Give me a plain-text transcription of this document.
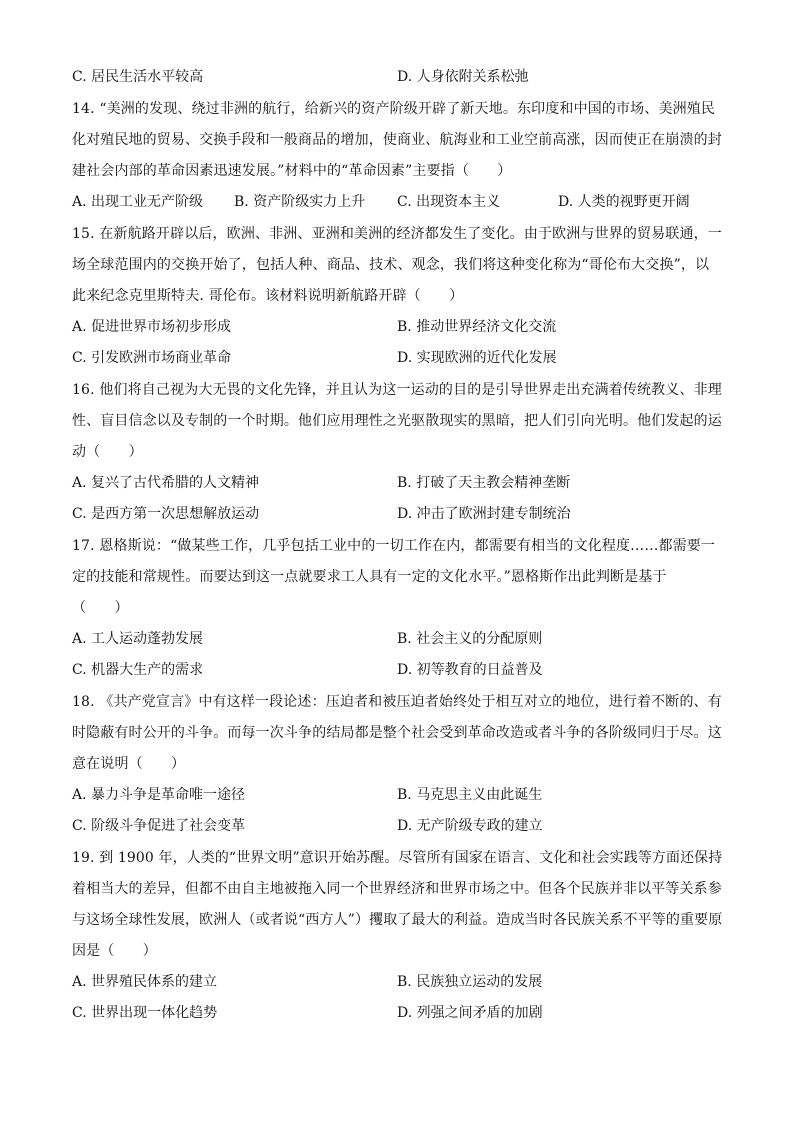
C. 居民生活水平较高	D. 人身依附关系松弛
14. “美洲的发现、绕过非洲的航行，给新兴的资产阶级开辟了新天地。东印度和中国的市场、美洲殖民
化对殖民地的贸易、交换手段和一般商品的增加，使商业、航海业和工业空前高涨，因而使正在崩溃的封
建社会内部的革命因素迅速发展。”材料中的“革命因素”主要指（　　）
A. 出现工业无产阶级 B. 资产阶级实力上升 C. 出现资本主义	D. 人类的视野更开阔
15. 在新航路开辟以后，欧洲、非洲、亚洲和美洲的经济都发生了变化。由于欧洲与世界的贸易联通，一
场全球范围内的交换开始了，包括人种、商品、技术、观念，我们将这种变化称为“哥伦布大交换”，以
此来纪念克里斯特夫. 哥伦布。该材料说明新航路开辟（　　）
A. 促进世界市场初步形成	B. 推动世界经济文化交流
C. 引发欧洲市场商业革命	D. 实现欧洲的近代化发展
16. 他们将自己视为大无畏的文化先锋，并且认为这一运动的目的是引导世界走出充满着传统教义、非理
性、盲目信念以及专制的一个时期。他们应用理性之光驱散现实的黑暗，把人们引向光明。他们发起的运
动（　　）
A. 复兴了古代希腊的人文精神	B. 打破了天主教会精神垄断
C. 是西方第一次思想解放运动	D. 冲击了欧洲封建专制统治
17. 恩格斯说：“做某些工作，几乎包括工业中的一切工作在内，都需要有相当的文化程度……都需要一
定的技能和常规性。而要达到这一点就要求工人具有一定的文化水平。”恩格斯作出此判断是基于
（　　）
A. 工人运动蓬勃发展	B. 社会主义的分配原则
C. 机器大生产的需求	D. 初等教育的日益普及
18. 《共产党宣言》中有这样一段论述：压迫者和被压迫者始终处于相互对立的地位，进行着不断的、有
时隐蔽有时公开的斗争。而每一次斗争的结局都是整个社会受到革命改造或者斗争的各阶级同归于尽。这
意在说明（　　）
A. 暴力斗争是革命唯一途径	B. 马克思主义由此诞生
C. 阶级斗争促进了社会变革	D. 无产阶级专政的建立
19. 到 1900 年，人类的“世界文明”意识开始苏醒。尽管所有国家在语言、文化和社会实践等方面还保持
着相当大的差异，但都不由自主地被拖入同一个世界经济和世界市场之中。但各个民族并非以平等关系参
与这场全球性发展，欧洲人（或者说“西方人”）攫取了最大的利益。造成当时各民族关系不平等的重要原
因是（　　）
A. 世界殖民体系的建立	B. 民族独立运动的发展
C. 世界出现一体化趋势	D. 列强之间矛盾的加剧
